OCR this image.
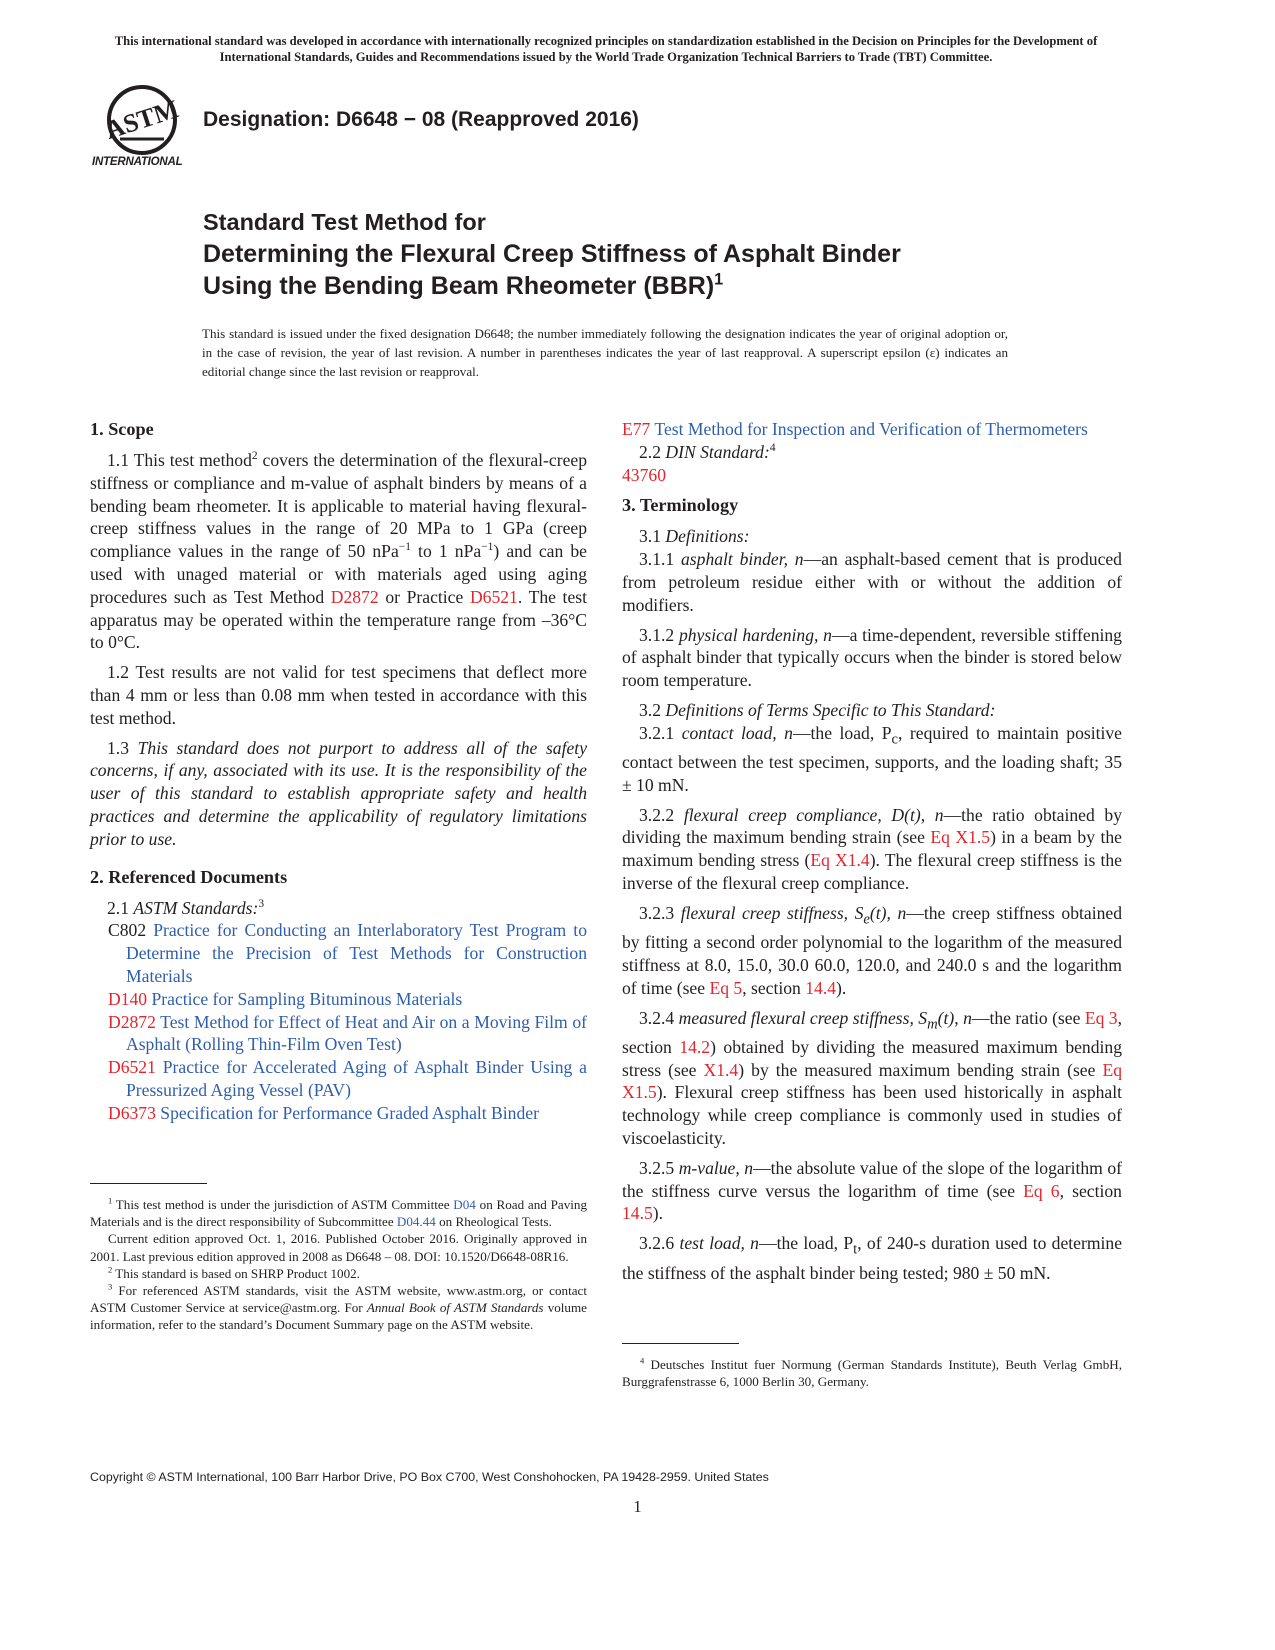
This international standard was developed in accordance with internationally recognized principles on standardization established in the Decision on Principles for the Development of International Standards, Guides and Recommendations issued by the World Trade Organization Technical Barriers to Trade (TBT) Committee.
ASTM
INTERNATIONAL
Designation: D6648 − 08 (Reapproved 2016)
Standard Test Method for
Determining the Flexural Creep Stiffness of Asphalt Binder
Using the Bending Beam Rheometer (BBR)$^1$
This standard is issued under the fixed designation D6648; the number immediately following the designation indicates the year of original adoption or, in the case of revision, the year of last revision. A number in parentheses indicates the year of last reapproval. A superscript epsilon (ε) indicates an editorial change since the last revision or reapproval.
1. Scope

1.1 This test method$^2$ covers the determination of the flexural-creep stiffness or compliance and m-value of asphalt binders by means of a bending beam rheometer. It is applicable to material having flexural-creep stiffness values in the range of 20 MPa to 1 GPa (creep compliance values in the range of 50 nPa$^{-1}$ to 1 nPa$^{-1}$) and can be used with unaged material or with materials aged using aging procedures such as Test Method D2872 or Practice D6521. The test apparatus may be operated within the temperature range from –36°C to 0°C.

1.2 Test results are not valid for test specimens that deflect more than 4 mm or less than 0.08 mm when tested in accordance with this test method.

1.3 This standard does not purport to address all of the safety concerns, if any, associated with its use. It is the responsibility of the user of this standard to establish appropriate safety and health practices and determine the applicability of regulatory limitations prior to use.

2. Referenced Documents

2.1 ASTM Standards:$^3$

C802 Practice for Conducting an Interlaboratory Test Program to Determine the Precision of Test Methods for Construction Materials

D140 Practice for Sampling Bituminous Materials

D2872 Test Method for Effect of Heat and Air on a Moving Film of Asphalt (Rolling Thin-Film Oven Test)

D6521 Practice for Accelerated Aging of Asphalt Binder Using a Pressurized Aging Vessel (PAV)

D6373 Specification for Performance Graded Asphalt Binder

$^1$ This test method is under the jurisdiction of ASTM Committee D04 on Road and Paving Materials and is the direct responsibility of Subcommittee D04.44 on Rheological Tests.

Current edition approved Oct. 1, 2016. Published October 2016. Originally approved in 2001. Last previous edition approved in 2008 as D6648 – 08. DOI: 10.1520/D6648-08R16.

$^2$ This standard is based on SHRP Product 1002.

$^3$ For referenced ASTM standards, visit the ASTM website, www.astm.org, or contact ASTM Customer Service at service@astm.org. For Annual Book of ASTM Standards volume information, refer to the standard’s Document Summary page on the ASTM website.

E77 Test Method for Inspection and Verification of Thermometers

2.2 DIN Standard:$^4$

43760

3. Terminology

3.1 Definitions:

3.1.1 asphalt binder, n—an asphalt-based cement that is produced from petroleum residue either with or without the addition of modifiers.

3.1.2 physical hardening, n—a time-dependent, reversible stiffening of asphalt binder that typically occurs when the binder is stored below room temperature.

3.2 Definitions of Terms Specific to This Standard:

3.2.1 contact load, n—the load, $P_c$, required to maintain positive contact between the test specimen, supports, and the loading shaft; 35 ± 10 mN.

3.2.2 flexural creep compliance, D(t), n—the ratio obtained by dividing the maximum bending strain (see Eq X1.5) in a beam by the maximum bending stress (Eq X1.4). The flexural creep stiffness is the inverse of the flexural creep compliance.

3.2.3 flexural creep stiffness, $S_e(t)$, n—the creep stiffness obtained by fitting a second order polynomial to the logarithm of the measured stiffness at 8.0, 15.0, 30.0 60.0, 120.0, and 240.0 s and the logarithm of time (see Eq 5, section 14.4).

3.2.4 measured flexural creep stiffness, $S_m(t)$, n—the ratio (see Eq 3, section 14.2) obtained by dividing the measured maximum bending stress (see X1.4) by the measured maximum bending strain (see Eq X1.5). Flexural creep stiffness has been used historically in asphalt technology while creep compliance is commonly used in studies of viscoelasticity.

3.2.5 m-value, n—the absolute value of the slope of the logarithm of the stiffness curve versus the logarithm of time (see Eq 6, section 14.5).

3.2.6 test load, n—the load, $P_t$, of 240-s duration used to determine the stiffness of the asphalt binder being tested; 980 ± 50 mN.

$^4$ Deutsches Institut fuer Normung (German Standards Institute), Beuth Verlag GmbH, Burggrafenstrasse 6, 1000 Berlin 30, Germany.

Copyright © ASTM International, 100 Barr Harbor Drive, PO Box C700, West Conshohocken, PA 19428-2959. United States
1
